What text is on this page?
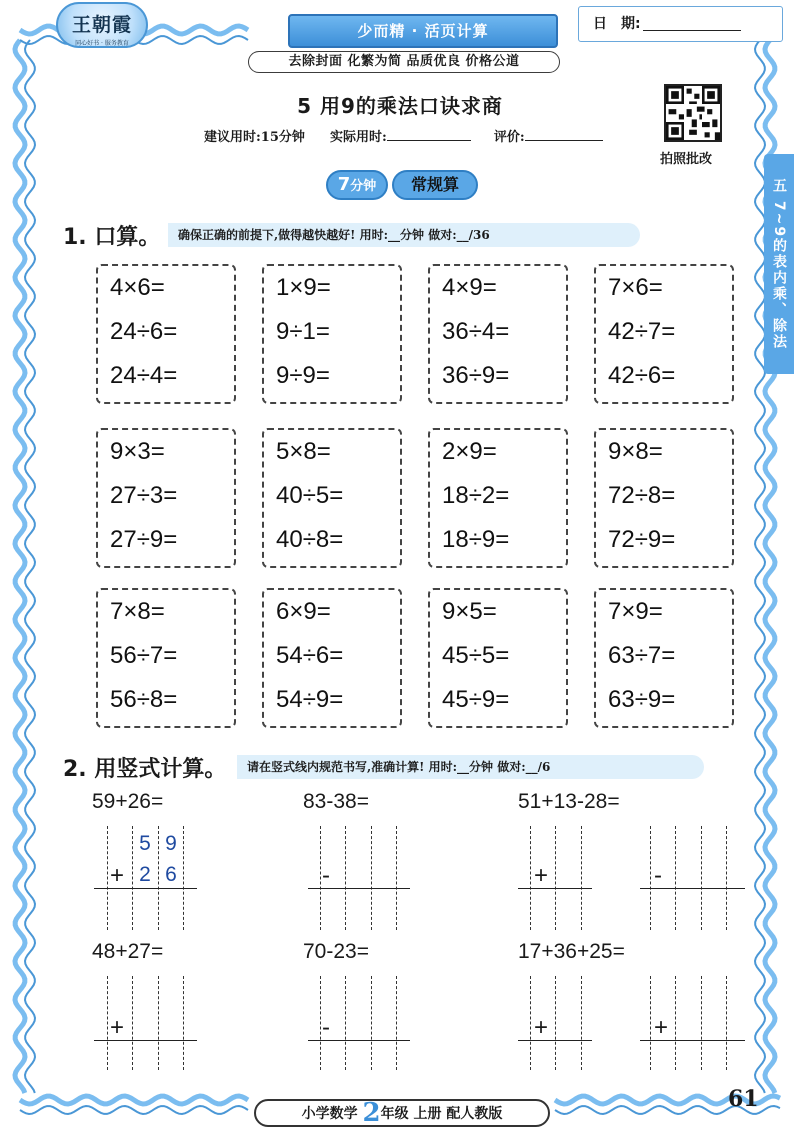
王朝霞
同心好书 · 服务教育
少而精 · 活页计算	日　期:
去除封面 化繁为简 品质优良 价格公道
5 用9的乘法口诀求商
建议用时:15分钟 实际用时:	评价:
拍照批改
五 7~9的表内乘、除法
7分钟	常规算
1. 口算。	确保正确的前提下,做得越快越好! 用时:__分钟 做对:__/36
4×6=
24÷6=
24÷4=
1×9=
9÷1=
9÷9=
4×9=
36÷4=
36÷9=
7×6=
42÷7=
42÷6=
9×3=
27÷3=
27÷9=
5×8=
40÷5=
40÷8=
2×9=
18÷2=
18÷9=
9×8=
72÷8=
72÷9=
7×8=
56÷7=
56÷8=
6×9=
54÷6=
54÷9=
9×5=
45÷5=
45÷9=
7×9=
63÷7=
63÷9=
2. 用竖式计算。	请在竖式线内规范书写,准确计算! 用时:__分钟 做对:__/6
59+26=	83-38=	51+13-28=
48+27=	70-23=	17+36+25=
+	-	+	-
+	-	+	+
5 9
2 6
小学数学 2年级 上册 配人教版
61
